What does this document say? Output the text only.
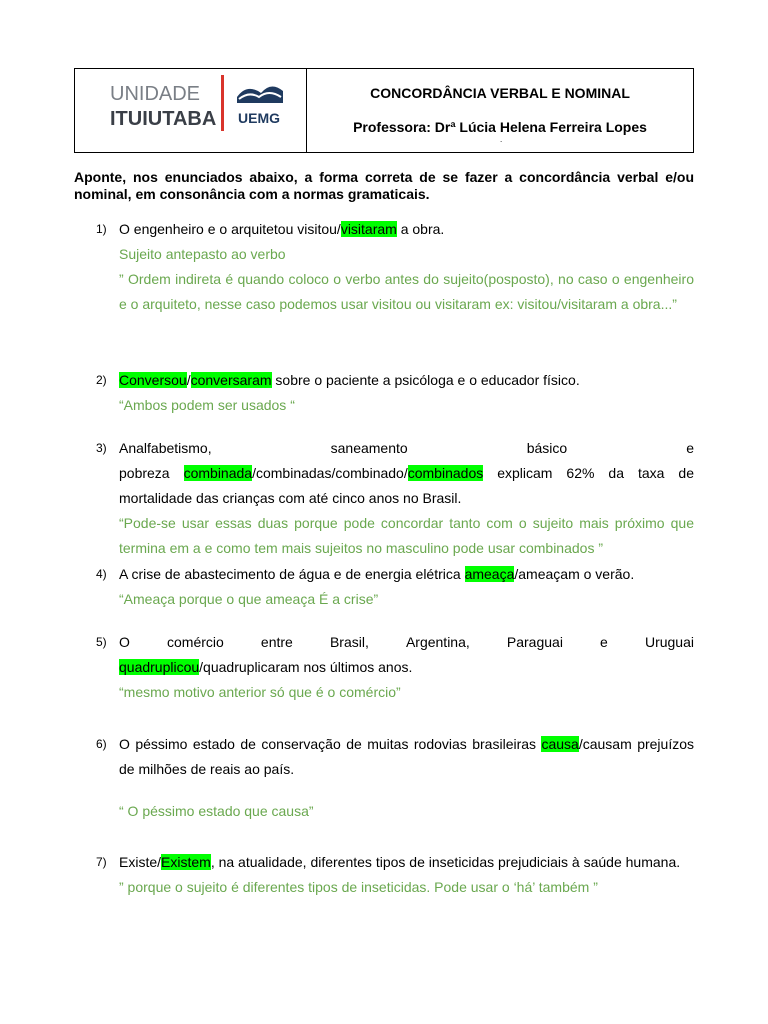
UNIDADE
ITUIUTABA UEMG
CONCORDÂNCIA VERBAL E NOMINAL
Professora: Drª Lúcia Helena Ferreira Lopes
.
Aponte, nos enunciados abaixo, a forma correta de se fazer a concordância verbal e/ou nominal, em consonância com a normas gramaticais.
1) O engenheiro e o arquitetou visitou/visitaram a obra.
Sujeito antepasto ao verbo
” Ordem indireta é quando coloco o verbo antes do sujeito(posposto), no caso o engenheiro e o arquiteto, nesse caso podemos usar visitou ou visitaram ex: visitou/visitaram a obra...”
2) Conversou/conversaram sobre o paciente a psicóloga e o educador físico.
“Ambos podem ser usados “
3) Analfabetismo,	saneamento	básico	e
pobreza combinada/combinadas/combinado/combinados explicam 62% da taxa de mortalidade das crianças com até cinco anos no Brasil.
“Pode-se usar essas duas porque pode concordar tanto com o sujeito mais próximo que termina em a e como tem mais sujeitos no masculino pode usar combinados ”
4) A crise de abastecimento de água e de energia elétrica ameaça/ameaçam o verão.
“Ameaça porque o que ameaça É a crise”
5) O	comércio	entre	Brasil,	Argentina,	Paraguai	e	Uruguai
quadruplicou/quadruplicaram nos últimos anos.
“mesmo motivo anterior só que é o comércio”
6) O péssimo estado de conservação de muitas rodovias brasileiras causa/causam prejuízos de milhões de reais ao país.
“ O péssimo estado que causa”
7) Existe/Existem, na atualidade, diferentes tipos de inseticidas prejudiciais à saúde humana.
” porque o sujeito é diferentes tipos de inseticidas. Pode usar o ‘há’ também ”
